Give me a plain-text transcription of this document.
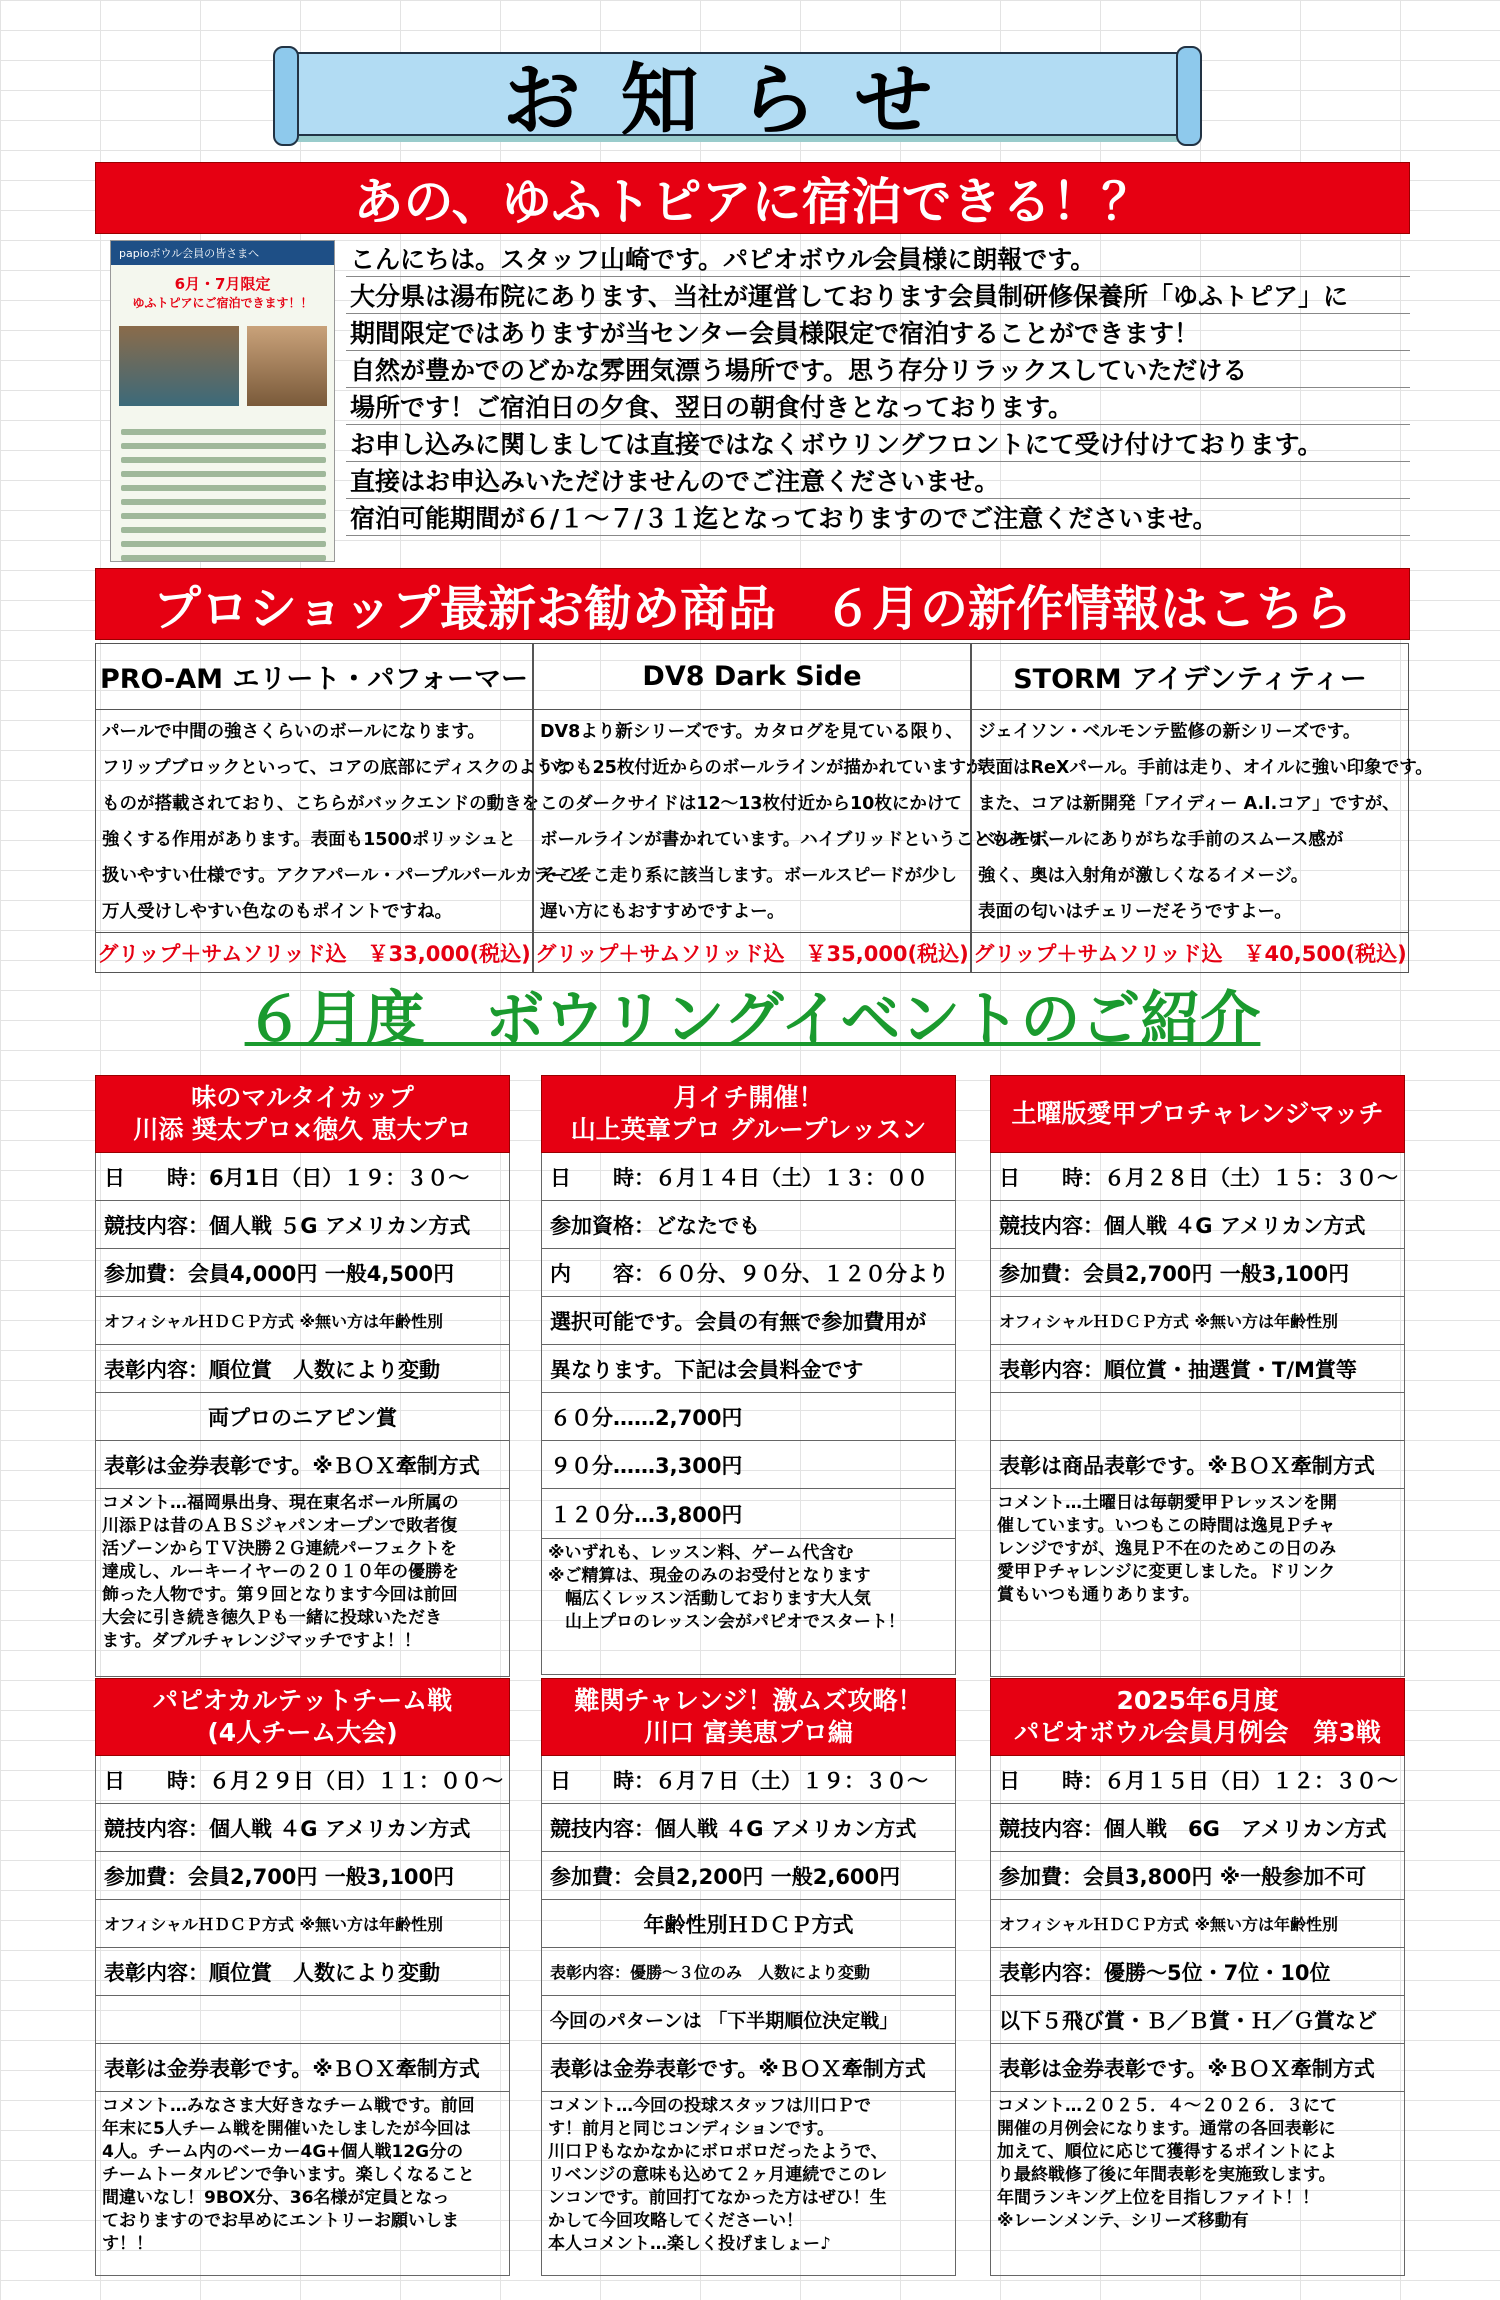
お知らせ
あの、ゆふトピアに宿泊できる！？
papioボウル会員の皆さまへ
6月・7月限定
ゆふトピアにご宿泊できます！！
こんにちは。スタッフ山崎です。パピオボウル会員様に朗報です。
大分県は湯布院にあります、当社が運営しております会員制研修保養所「ゆふトピア」に
期間限定ではありますが当センター会員様限定で宿泊することができます！
自然が豊かでのどかな雰囲気漂う場所です。思う存分リラックスしていただける
場所です！ご宿泊日の夕食、翌日の朝食付きとなっております。
お申し込みに関しましては直接ではなくボウリングフロントにて受け付けております。
直接はお申込みいただけませんのでご注意くださいませ。
宿泊可能期間が６/１～７/３１迄となっておりますのでご注意くださいませ。
プロショップ最新お勧め商品　６月の新作情報はこちら
PRO-AM エリート・パフォーマー
パールで中間の強さくらいのボールになります。
フリップブロックといって、コアの底部にディスクのような
ものが搭載されており、こちらがバックエンドの動きを
強くする作用があります。表面も1500ポリッシュと
扱いやすい仕様です。アクアパール・パープルパールカラーと
万人受けしやすい色なのもポイントですね。
グリップ＋サムソリッド込　￥33,000(税込)
DV8 Dark Side
DV8より新シリーズです。カタログを見ている限り、
いつも25枚付近からのボールラインが描かれていますが
このダークサイドは12～13枚付近から10枚にかけて
ボールラインが書かれています。ハイブリッドということもあり、
そこそこ走り系に該当します。ボールスピードが少し
遅い方にもおすすめですよー。
グリップ＋サムソリッド込　￥35,000(税込)
STORM アイデンティティー
ジェイソン・ベルモンテ監修の新シリーズです。
表面はReXパール。手前は走り、オイルに強い印象です。
また、コアは新開発「アイディー A.I.コア」ですが、
ベルモボールにありがちな手前のスムース感が
強く、奥は入射角が激しくなるイメージ。
表面の匂いはチェリーだそうですよー。
グリップ＋サムソリッド込　￥40,500(税込)
６月度　ボウリングイベントのご紹介
味のマルタイカップ
川添 奨太プロ×徳久 恵大プロ
日　　時：6月1日（日）１９：３０～
競技内容：個人戦 ５G アメリカン方式
参加費：会員4,000円 一般4,500円
オフィシャルＨＤＣＰ方式 ※無い方は年齢性別
表彰内容：順位賞　人数により変動
両プロのニアピン賞
表彰は金券表彰です。※ＢＯＸ牽制方式
コメント…福岡県出身、現在東名ボール所属の
川添Ｐは昔のＡＢＳジャパンオープンで敗者復
活ゾーンからＴＶ決勝２Ｇ連続パーフェクトを
達成し、ルーキーイヤーの２０１０年の優勝を
飾った人物です。第９回となります今回は前回
大会に引き続き徳久Ｐも一緒に投球いただき
ます。ダブルチャレンジマッチですよ！！
月イチ開催！
山上英章プロ グループレッスン
日　　時：６月１４日（土）１３：００
参加資格：どなたでも
内　　容：６０分、９０分、１２０分より
選択可能です。会員の有無で参加費用が
異なります。下記は会員料金です
６０分……2,700円
９０分……3,300円
１２０分…3,800円
※いずれも、レッスン料、ゲーム代含む
※ご精算は、現金のみのお受付となります
　幅広くレッスン活動しております大人気
　山上プロのレッスン会がパピオでスタート！
土曜版愛甲プロチャレンジマッチ
日　　時：６月２８日（土）１５：３０～
競技内容：個人戦 ４G アメリカン方式
参加費：会員2,700円 一般3,100円
オフィシャルＨＤＣＰ方式 ※無い方は年齢性別
表彰内容：順位賞・抽選賞・T/M賞等
表彰は商品表彰です。※ＢＯＸ牽制方式
コメント…土曜日は毎朝愛甲Ｐレッスンを開
催しています。いつもこの時間は逸見Ｐチャ
レンジですが、逸見Ｐ不在のためこの日のみ
愛甲Ｐチャレンジに変更しました。ドリンク
賞もいつも通りあります。
パピオカルテットチーム戦
(4人チーム大会)
日　　時：６月２９日（日）１１：００～
競技内容：個人戦 ４G アメリカン方式
参加費：会員2,700円 一般3,100円
オフィシャルＨＤＣＰ方式 ※無い方は年齢性別
表彰内容：順位賞　人数により変動
表彰は金券表彰です。※ＢＯＸ牽制方式
コメント…みなさま大好きなチーム戦です。前回
年末に5人チーム戦を開催いたしましたが今回は
4人。チーム内のベーカー4G+個人戦12G分の
チームトータルピンで争います。楽しくなること
間違いなし！9BOX分、36名様が定員となっ
ておりますのでお早めにエントリーお願いしま
す！！
難関チャレンジ！激ムズ攻略！
川口 富美恵プロ編
日　　時：６月７日（土）１９：３０～
競技内容：個人戦 ４G アメリカン方式
参加費：会員2,200円 一般2,600円
年齢性別ＨＤＣＰ方式
表彰内容：優勝～３位のみ　人数により変動
今回のパターンは 「下半期順位決定戦」
表彰は金券表彰です。※ＢＯＸ牽制方式
コメント…今回の投球スタッフは川口Ｐで
す！前月と同じコンディションです。
川口Ｐもなかなかにボロボロだったようで、
リベンジの意味も込めて２ヶ月連続でこのレ
ンコンです。前回打てなかった方はぜひ！生
かして今回攻略してくださーい！
本人コメント…楽しく投げましょー♪
2025年6月度
パピオボウル会員月例会　第3戦
日　　時：６月１５日（日）１２：３０～
競技内容：個人戦　6G　アメリカン方式
参加費：会員3,800円 ※一般参加不可
オフィシャルＨＤＣＰ方式 ※無い方は年齢性別
表彰内容：優勝～5位・7位・10位
以下５飛び賞・Ｂ／Ｂ賞・Ｈ／Ｇ賞など
表彰は金券表彰です。※ＢＯＸ牽制方式
コメント…２０２５．４～２０２６．３にて
開催の月例会になります。通常の各回表彰に
加えて、順位に応じて獲得するポイントによ
り最終戦修了後に年間表彰を実施致します。
年間ランキング上位を目指しファイト！！
※レーンメンテ、シリーズ移動有
